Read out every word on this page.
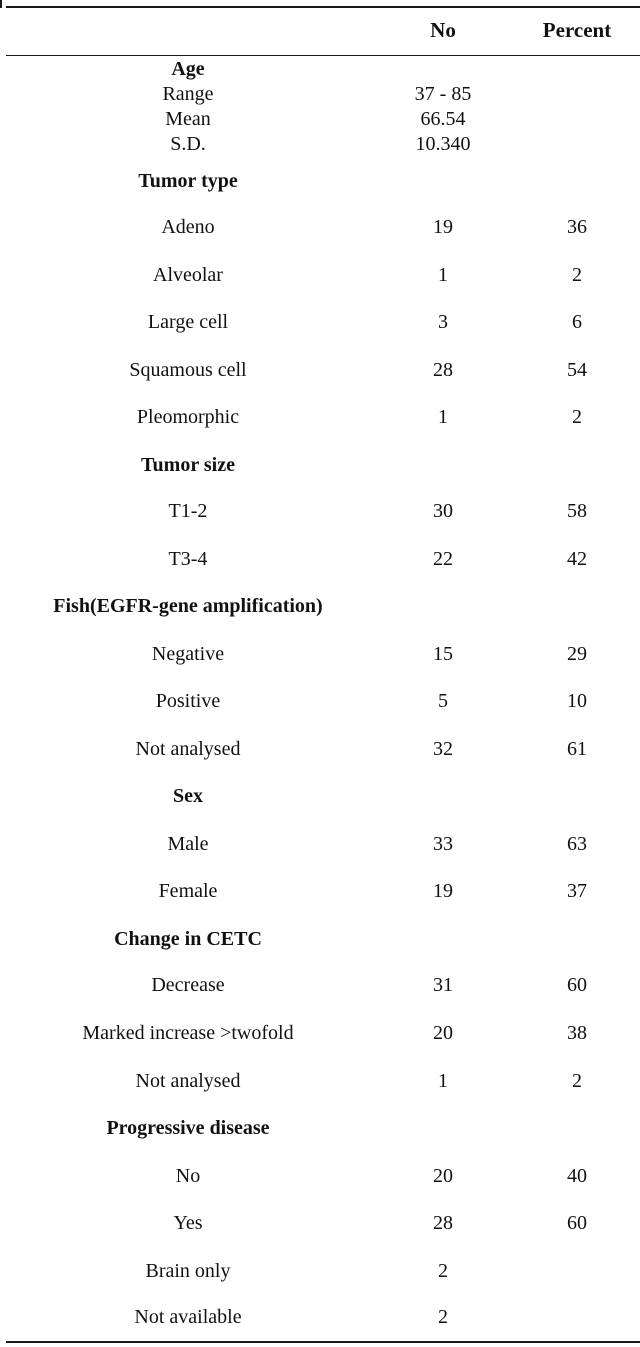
No	Percent
Age
Range	37 - 85
Mean	66.54
S.D.	10.340
Tumor type
Adeno	19	36
Alveolar	1	2
Large cell	3	6
Squamous cell	28	54
Pleomorphic	1	2
Tumor size
T1-2	30	58
T3-4	22	42
Fish(EGFR-gene amplification)
Negative	15	29
Positive	5	10
Not analysed	32	61
Sex
Male	33	63
Female	19	37
Change in CETC
Decrease	31	60
Marked increase >twofold	20	38
Not analysed	1	2
Progressive disease
No	20	40
Yes	28	60
Brain only	2
Not available	2
